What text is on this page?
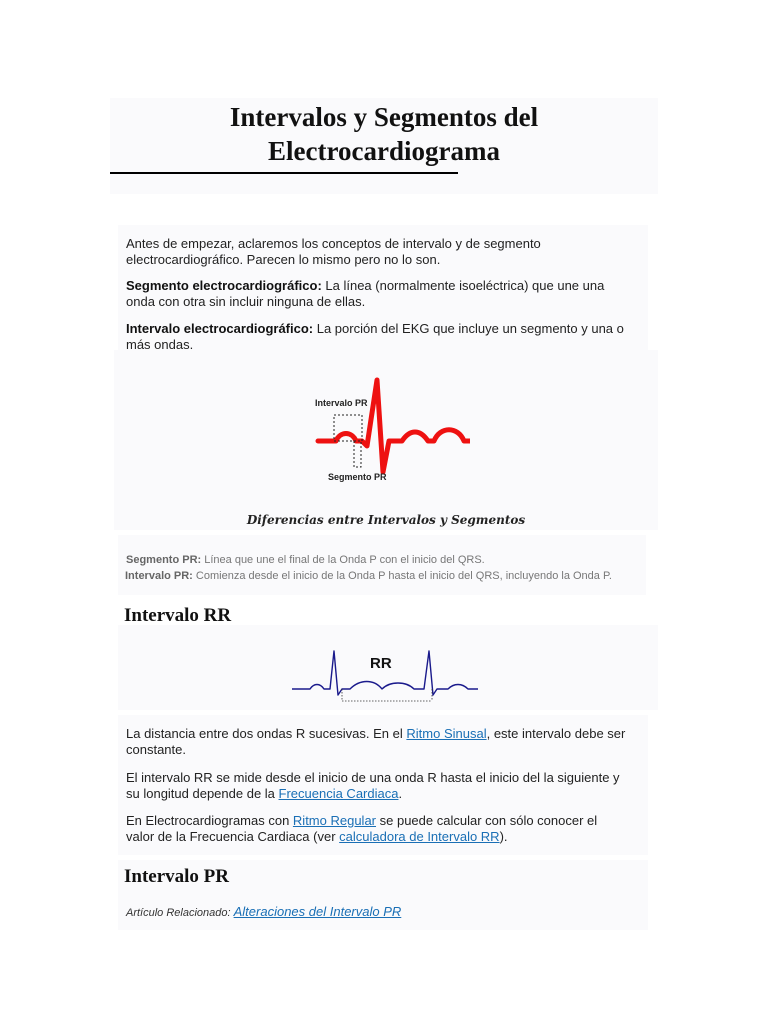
Intervalos y Segmentos del
Electrocardiograma
Antes de empezar, aclaremos los conceptos de intervalo y de segmento
electrocardiográfico. Parecen lo mismo pero no lo son.
Segmento electrocardiográfico: La línea (normalmente isoeléctrica) que une una
onda con otra sin incluir ninguna de ellas.
Intervalo electrocardiográfico: La porción del EKG que incluye un segmento y una o
más ondas.
Intervalo PR
Segmento PR
Diferencias entre Intervalos y Segmentos
Segmento PR: Línea que une el final de la Onda P con el inicio del QRS.
Intervalo PR: Comienza desde el inicio de la Onda P hasta el inicio del QRS, incluyendo la Onda P.
Intervalo RR
RR
La distancia entre dos ondas R sucesivas. En el Ritmo Sinusal, este intervalo debe ser
constante.
El intervalo RR se mide desde el inicio de una onda R hasta el inicio del la siguiente y
su longitud depende de la Frecuencia Cardiaca.
En Electrocardiogramas con Ritmo Regular se puede calcular con sólo conocer el
valor de la Frecuencia Cardiaca (ver calculadora de Intervalo RR).
Intervalo PR
Artículo Relacionado: Alteraciones del Intervalo PR
